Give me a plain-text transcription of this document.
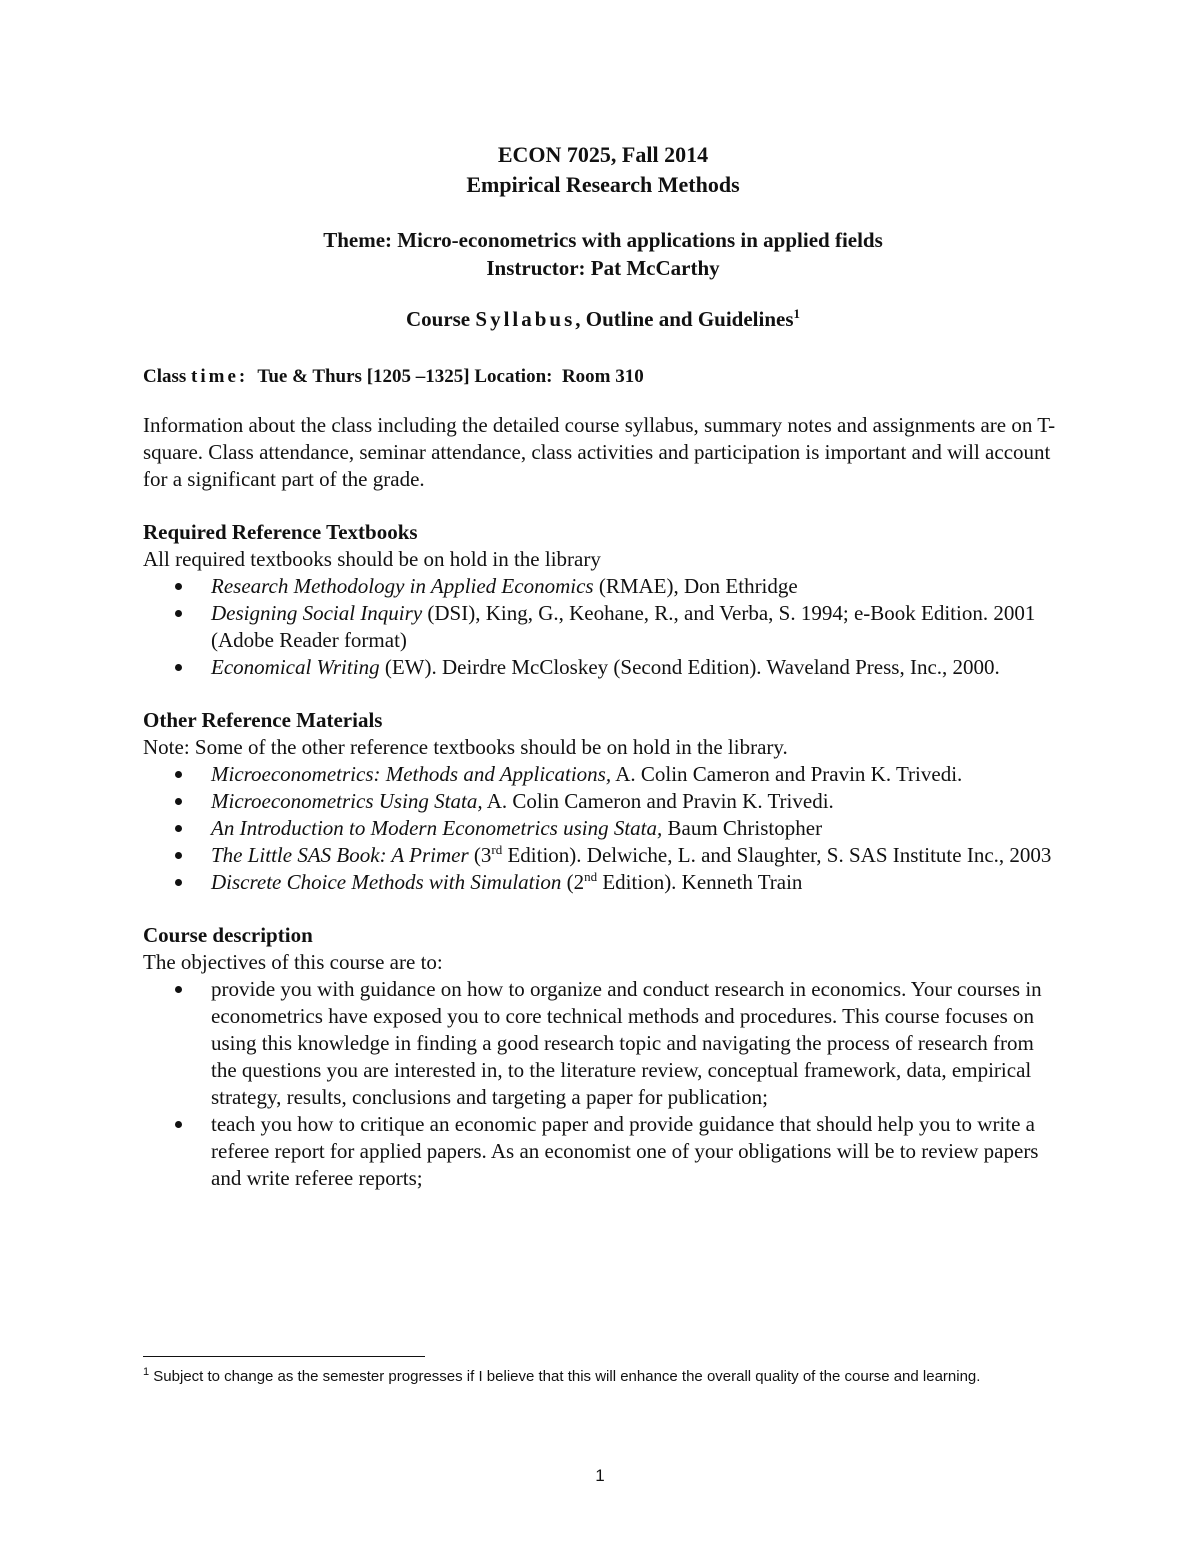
ECON 7025, Fall 2014
Empirical Research Methods
Theme: Micro-econometrics with applications in applied fields
Instructor: Pat McCarthy
Course Syllabus, Outline and Guidelines$^1$
Class time:  Tue & Thurs [1205 –1325] Location:  Room 310
Information about the class including the detailed course syllabus, summary notes and assignments are on T-square. Class attendance, seminar attendance, class activities and participation is important and will account for a significant part of the grade.
Required Reference Textbooks
All required textbooks should be on hold in the library
Research Methodology in Applied Economics (RMAE), Don Ethridge
Designing Social Inquiry (DSI), King, G., Keohane, R., and Verba, S. 1994; e-Book Edition. 2001 (Adobe Reader format)
Economical Writing (EW). Deirdre McCloskey (Second Edition). Waveland Press, Inc., 2000.
Other Reference Materials
Note: Some of the other reference textbooks should be on hold in the library.
Microeconometrics: Methods and Applications, A. Colin Cameron and Pravin K. Trivedi.
Microeconometrics Using Stata, A. Colin Cameron and Pravin K. Trivedi.
An Introduction to Modern Econometrics using Stata, Baum Christopher
The Little SAS Book: A Primer (3rd Edition). Delwiche, L. and Slaughter, S. SAS Institute Inc., 2003
Discrete Choice Methods with Simulation (2nd Edition). Kenneth Train
Course description
The objectives of this course are to:
provide you with guidance on how to organize and conduct research in economics. Your courses in econometrics have exposed you to core technical methods and procedures. This course focuses on using this knowledge in finding a good research topic and navigating the process of research from the questions you are interested in, to the literature review, conceptual framework, data, empirical strategy, results, conclusions and targeting a paper for publication;
teach you how to critique an economic paper and provide guidance that should help you to write a referee report for applied papers. As an economist one of your obligations will be to review papers and write referee reports;
$^1$ Subject to change as the semester progresses if I believe that this will enhance the overall quality of the course and learning.
1
